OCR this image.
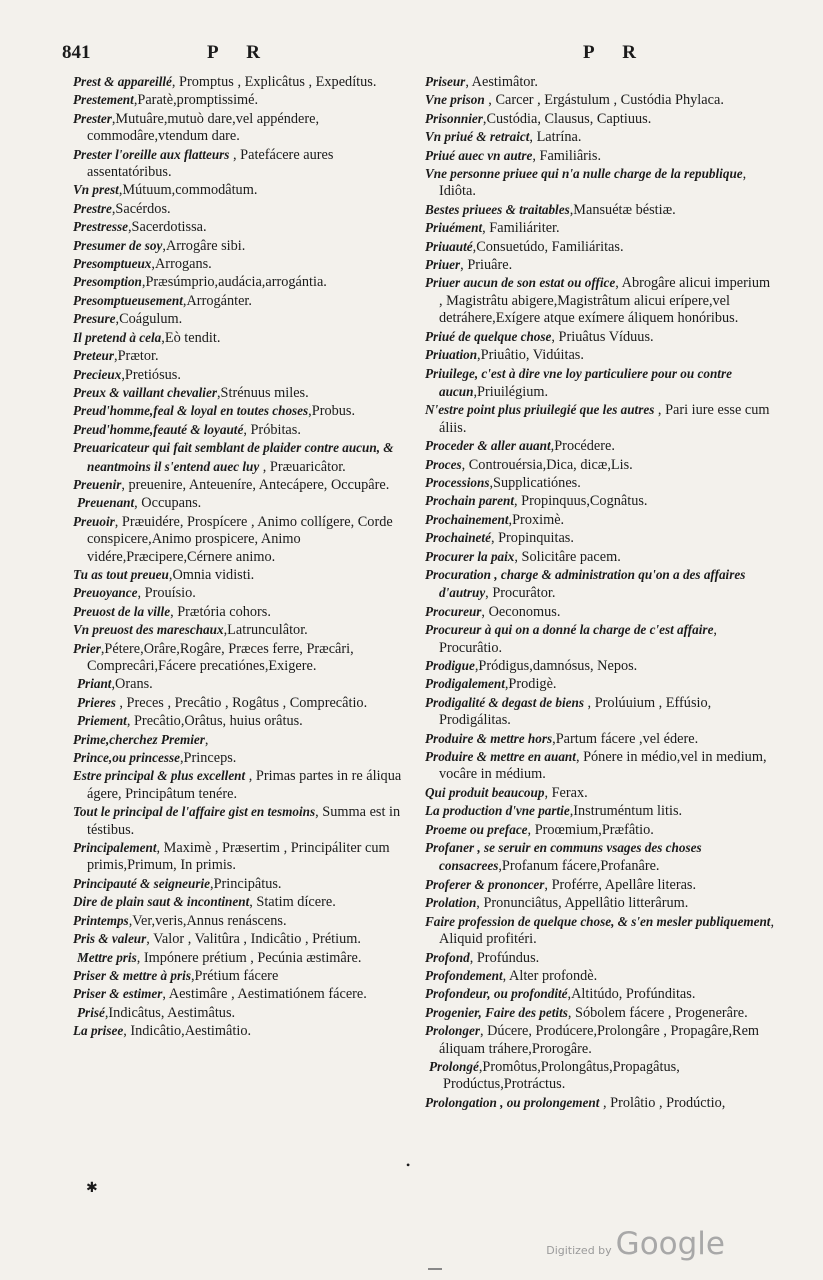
841	P R	P R

Prest & appareillé, Promptus , Explicâtus , Expedítus.

Prestement,Paratè,promptissimé.

Prester,Mutuâre,mutuò dare,vel appéndere, commodâre,vtendum dare.

Prester l'oreille aux flatteurs , Patefácere aures assentatóribus.

Vn prest,Mútuum,commodâtum.

Prestre,Sacérdos.

Prestresse,Sacerdotissa.

Presumer de soy,Arrogâre sibi.

Presomptueux,Arrogans.

Presomption,Præsúmprio,audácia,arrogántia.

Presomptueusement,Arrogánter.

Presure,Coágulum.

Il pretend à cela,Eò tendit.

Preteur,Prætor.

Precieux,Pretiósus.

Preux & vaillant chevalier,Strénuus miles.

Preud'homme,feal & loyal en toutes choses,Probus.

Preud'homme,feauté & loyauté, Próbitas.

Preuaricateur qui fait semblant de plaider contre aucun, & neantmoins il s'entend auec luy , Præuaricâtor.

Preuenir, preuenire, Anteueníre, Antecápere, Occupâre.

Preuenant, Occupans.

Preuoir, Præuidére, Prospícere , Animo collígere, Corde conspicere,Animo prospicere, Animo vidére,Præcipere,Cérnere animo.

Tu as tout preueu,Omnia vidisti.

Preuoyance, Prouísio.

Preuost de la ville, Prætória cohors.

Vn preuost des mareschaux,Latrunculâtor.

Prier,Pétere,Orâre,Rogâre, Præces ferre, Præcâri, Comprecâri,Fácere precatiónes,Exigere.

Priant,Orans.

Prieres , Preces , Precâtio , Rogâtus , Comprecâtio.

Priement, Precâtio,Orâtus, huius orâtus.

Prime,cherchez Premier,

Prince,ou princesse,Princeps.

Estre principal & plus excellent , Primas partes in re áliqua ágere, Principâtum tenére.

Tout le principal de l'affaire gist en tesmoins, Summa est in téstibus.

Principalement, Maximè , Præsertim , Principáliter cum primis,Primum, In primis.

Principauté & seigneurie,Principâtus.

Dire de plain saut & incontinent, Statim dícere.

Printemps,Ver,veris,Annus renáscens.

Pris & valeur, Valor , Valitûra , Indicâtio , Prétium.

Mettre pris, Impónere prétium , Pecúnia æstimâre.

Priser & mettre à pris,Prétium fácere

Priser & estimer, Aestimâre , Aestimatiónem fácere.

Prisé,Indicâtus, Aestimâtus.

La prisee, Indicâtio,Aestimâtio.

Priseur, Aestimâtor.

Vne prison , Carcer , Ergástulum , Custódia Phylaca.

Prisonnier,Custódia, Clausus, Captiuus.

Vn priué & retraict, Latrína.

Priué auec vn autre, Familiâris.

Vne personne priuee qui n'a nulle charge de la republique, Idiôta.

Bestes priuees & traitables,Mansuétæ béstiæ.

Priuément, Familiáriter.

Priuauté,Consuetúdo, Familiáritas.

Priuer, Priuâre.

Priuer aucun de son estat ou office, Abrogâre alicui imperium , Magistrâtu abigere,Magistrâtum alicui erípere,vel detráhere,Exígere atque exímere áliquem honóribus.

Priué de quelque chose, Priuâtus Víduus.

Priuation,Priuâtio, Vidúitas.

Priuilege, c'est à dire vne loy particuliere pour ou contre aucun,Priuilégium.

N'estre point plus priuilegié que les autres , Pari iure esse cum áliis.

Proceder & aller auant,Procédere.

Proces, Controuérsia,Dica, dicæ,Lis.

Processions,Supplicatiónes.

Prochain parent, Propinquus,Cognâtus.

Prochainement,Proximè.

Prochaineté, Propinquitas.

Procurer la paix, Solicitâre pacem.

Procuration , charge & administration qu'on a des affaires d'autruy, Procurâtor.

Procureur, Oeconomus.

Procureur à qui on a donné la charge de c'est affaire, Procurâtio.

Prodigue,Pródigus,damnósus, Nepos.

Prodigalement,Prodigè.

Prodigalité & degast de biens , Prolúuium , Effúsio, Prodigálitas.

Produire & mettre hors,Partum fácere ,vel édere.

Produire & mettre en auant, Pónere in médio,vel in medium, vocâre in médium.

Qui produit beaucoup, Ferax.

La production d'vne partie,Instruméntum litis.

Proeme ou preface, Proœmium,Præfâtio.

Profaner , se seruir en communs vsages des choses consacrees,Profanum fácere,Profanâre.

Proferer & prononcer, Proférre, Apellâre literas.

Prolation, Pronunciâtus, Appellâtio litterârum.

Faire profession de quelque chose, & s'en mesler publiquement, Aliquid profitéri.

Profond, Profúndus.

Profondement, Alter profondè.

Profondeur, ou profondité,Altitúdo, Profúnditas.

Progenier, Faire des petits, Sóbolem fácere , Progenerâre.

Prolonger, Dúcere, Prodúcere,Prolongâre , Propagâre,Rem áliquam tráhere,Prorogâre.

Prolongé,Promôtus,Prolongâtus,Propagâtus, Prodúctus,Protráctus.

Prolongation , ou prolongement , Prolâtio , Prodúctio,

•
✱
Digitized by Google
